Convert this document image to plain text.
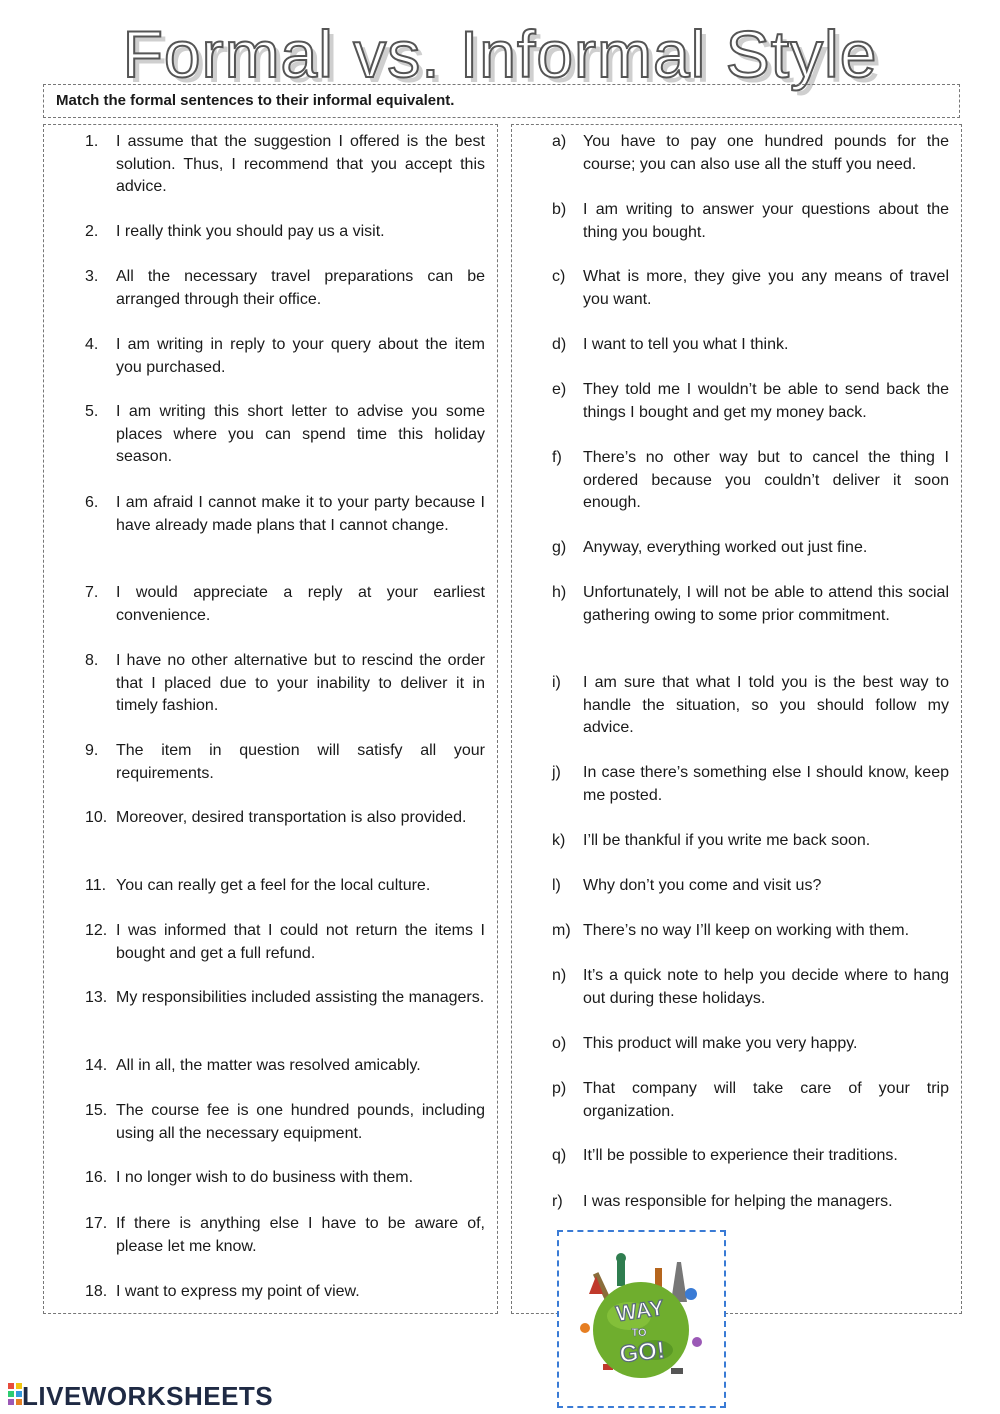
Formal vs. Informal Style
Match the formal sentences to their informal equivalent.
1. I assume that the suggestion I offered is the best solution. Thus, I recommend that you accept this advice.
2. I really think you should pay us a visit.
3. All the necessary travel preparations can be arranged through their office.
4. I am writing in reply to your query about the item you purchased.
5. I am writing this short letter to advise you some places where you can spend time this holiday season.
6. I am afraid I cannot make it to your party because I have already made plans that I cannot change.
7. I would appreciate a reply at your earliest convenience.
8. I have no other alternative but to rescind the order that I placed due to your inability to deliver it in timely fashion.
9. The item in question will satisfy all your requirements.
10. Moreover, desired transportation is also provided.
11. You can really get a feel for the local culture.
12. I was informed that I could not return the items I bought and get a full refund.
13. My responsibilities included assisting the managers.
14. All in all, the matter was resolved amicably.
15. The course fee is one hundred pounds, including using all the necessary equipment.
16. I no longer wish to do business with them.
17. If there is anything else I have to be aware of, please let me know.
18. I want to express my point of view.
a) You have to pay one hundred pounds for the course; you can also use all the stuff you need.
b) I am writing to answer your questions about the thing you bought.
c) What is more, they give you any means of travel you want.
d) I want to tell you what I think.
e) They told me I wouldn’t be able to send back the things I bought and get my money back.
f) There’s no other way but to cancel the thing I ordered because you couldn’t deliver it soon enough.
g) Anyway, everything worked out just fine.
h) Unfortunately, I will not be able to attend this social gathering owing to some prior commitment.
i) I am sure that what I told you is the best way to handle the situation, so you should follow my advice.
j) In case there’s something else I should know, keep me posted.
k) I’ll be thankful if you write me back soon.
l) Why don’t you come and visit us?
m) There’s no way I’ll keep on working with them.
n) It’s a quick note to help you decide where to hang out during these holidays.
o) This product will make you very happy.
p) That company will take care of your trip organization.
q) It’ll be possible to experience their traditions.
r) I was responsible for helping the managers.
WAY
TO
GO!
LIVEWORKSHEETS
